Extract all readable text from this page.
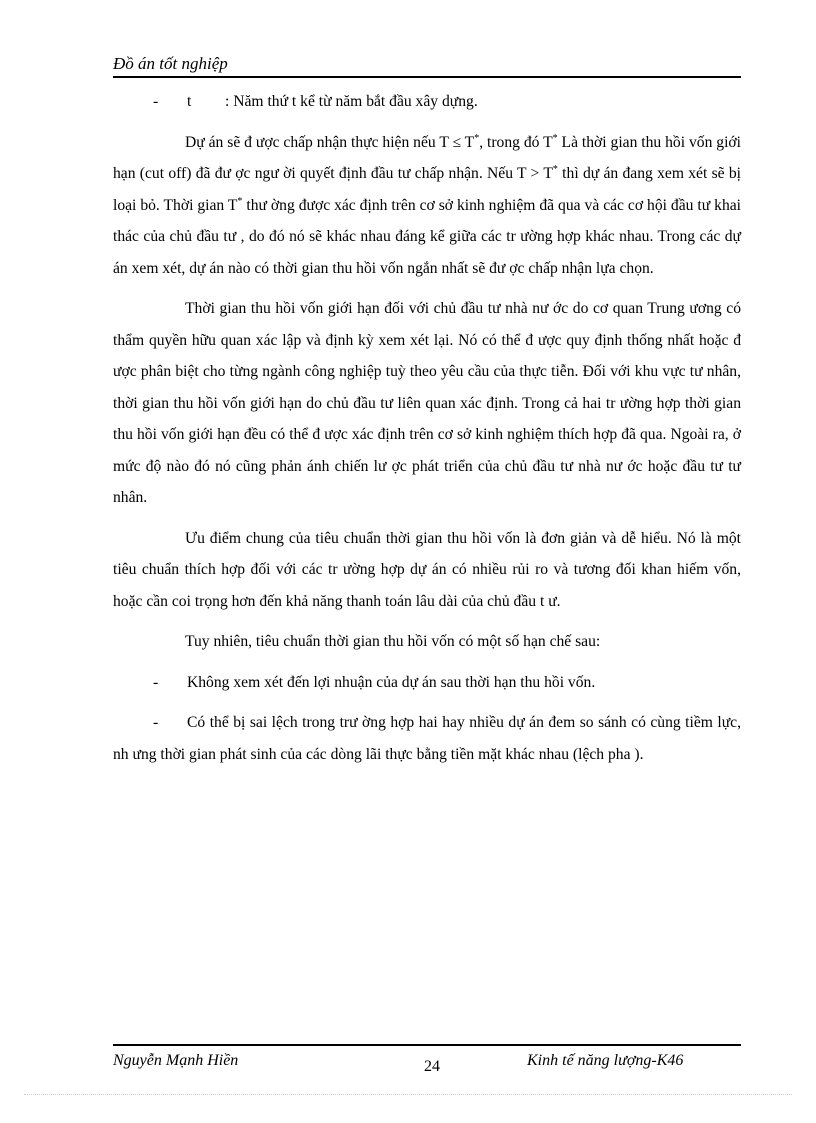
Đồ án tốt nghiệp
- t : Năm thứ t kể từ năm bắt đầu xây dựng.

Dự án sẽ đ ược chấp nhận thực hiện nếu T ≤ T*, trong đó T* Là thời gian thu hồi vốn giới hạn (cut off) đã đư ợc ngư ời quyết định đầu tư chấp nhận. Nếu T > T* thì dự án đang xem xét sẽ bị loại bỏ. Thời gian T* thư ờng được xác định trên cơ sở kinh nghiệm đã qua và các cơ hội đầu tư khai thác của chủ đầu tư , do đó nó sẽ khác nhau đáng kể giữa các tr ường hợp khác nhau. Trong các dự án xem xét, dự án nào có thời gian thu hồi vốn ngắn nhất sẽ đư ợc chấp nhận lựa chọn.

Thời gian thu hồi vốn giới hạn đối với chủ đầu tư nhà nư ớc do cơ quan Trung ương có thẩm quyền hữu quan xác lập và định kỳ xem xét lại. Nó có thể đ ược quy định thống nhất hoặc đ ược phân biệt cho từng ngành công nghiệp tuỳ theo yêu cầu của thực tiễn. Đối với khu vực tư nhân, thời gian thu hồi vốn giới hạn do chủ đầu tư liên quan xác định. Trong cả hai tr ường hợp thời gian thu hồi vốn giới hạn đều có thể đ ược xác định trên cơ sở kinh nghiệm thích hợp đã qua. Ngoài ra, ở mức độ nào đó nó cũng phản ánh chiến lư ợc phát triển của chủ đầu tư nhà nư ớc hoặc đầu tư tư nhân.

Ưu điểm chung của tiêu chuẩn thời gian thu hồi vốn là đơn giản và dễ hiểu. Nó là một tiêu chuẩn thích hợp đối với các tr ường hợp dự án có nhiều rủi ro và tương đối khan hiếm vốn, hoặc cần coi trọng hơn đến khả năng thanh toán lâu dài của chủ đầu t ư.

Tuy nhiên, tiêu chuẩn thời gian thu hồi vốn có một số hạn chế sau:

- Không xem xét đến lợi nhuận của dự án sau thời hạn thu hồi vốn.
- Có thể bị sai lệch trong trư ờng hợp hai hay nhiều dự án đem so sánh có cùng tiềm lực, nh ưng thời gian phát sinh của các dòng lãi thực bằng tiền mặt khác nhau (lệch pha ).
Nguyễn Mạnh Hiền	24	Kinh tế năng lượng-K46
